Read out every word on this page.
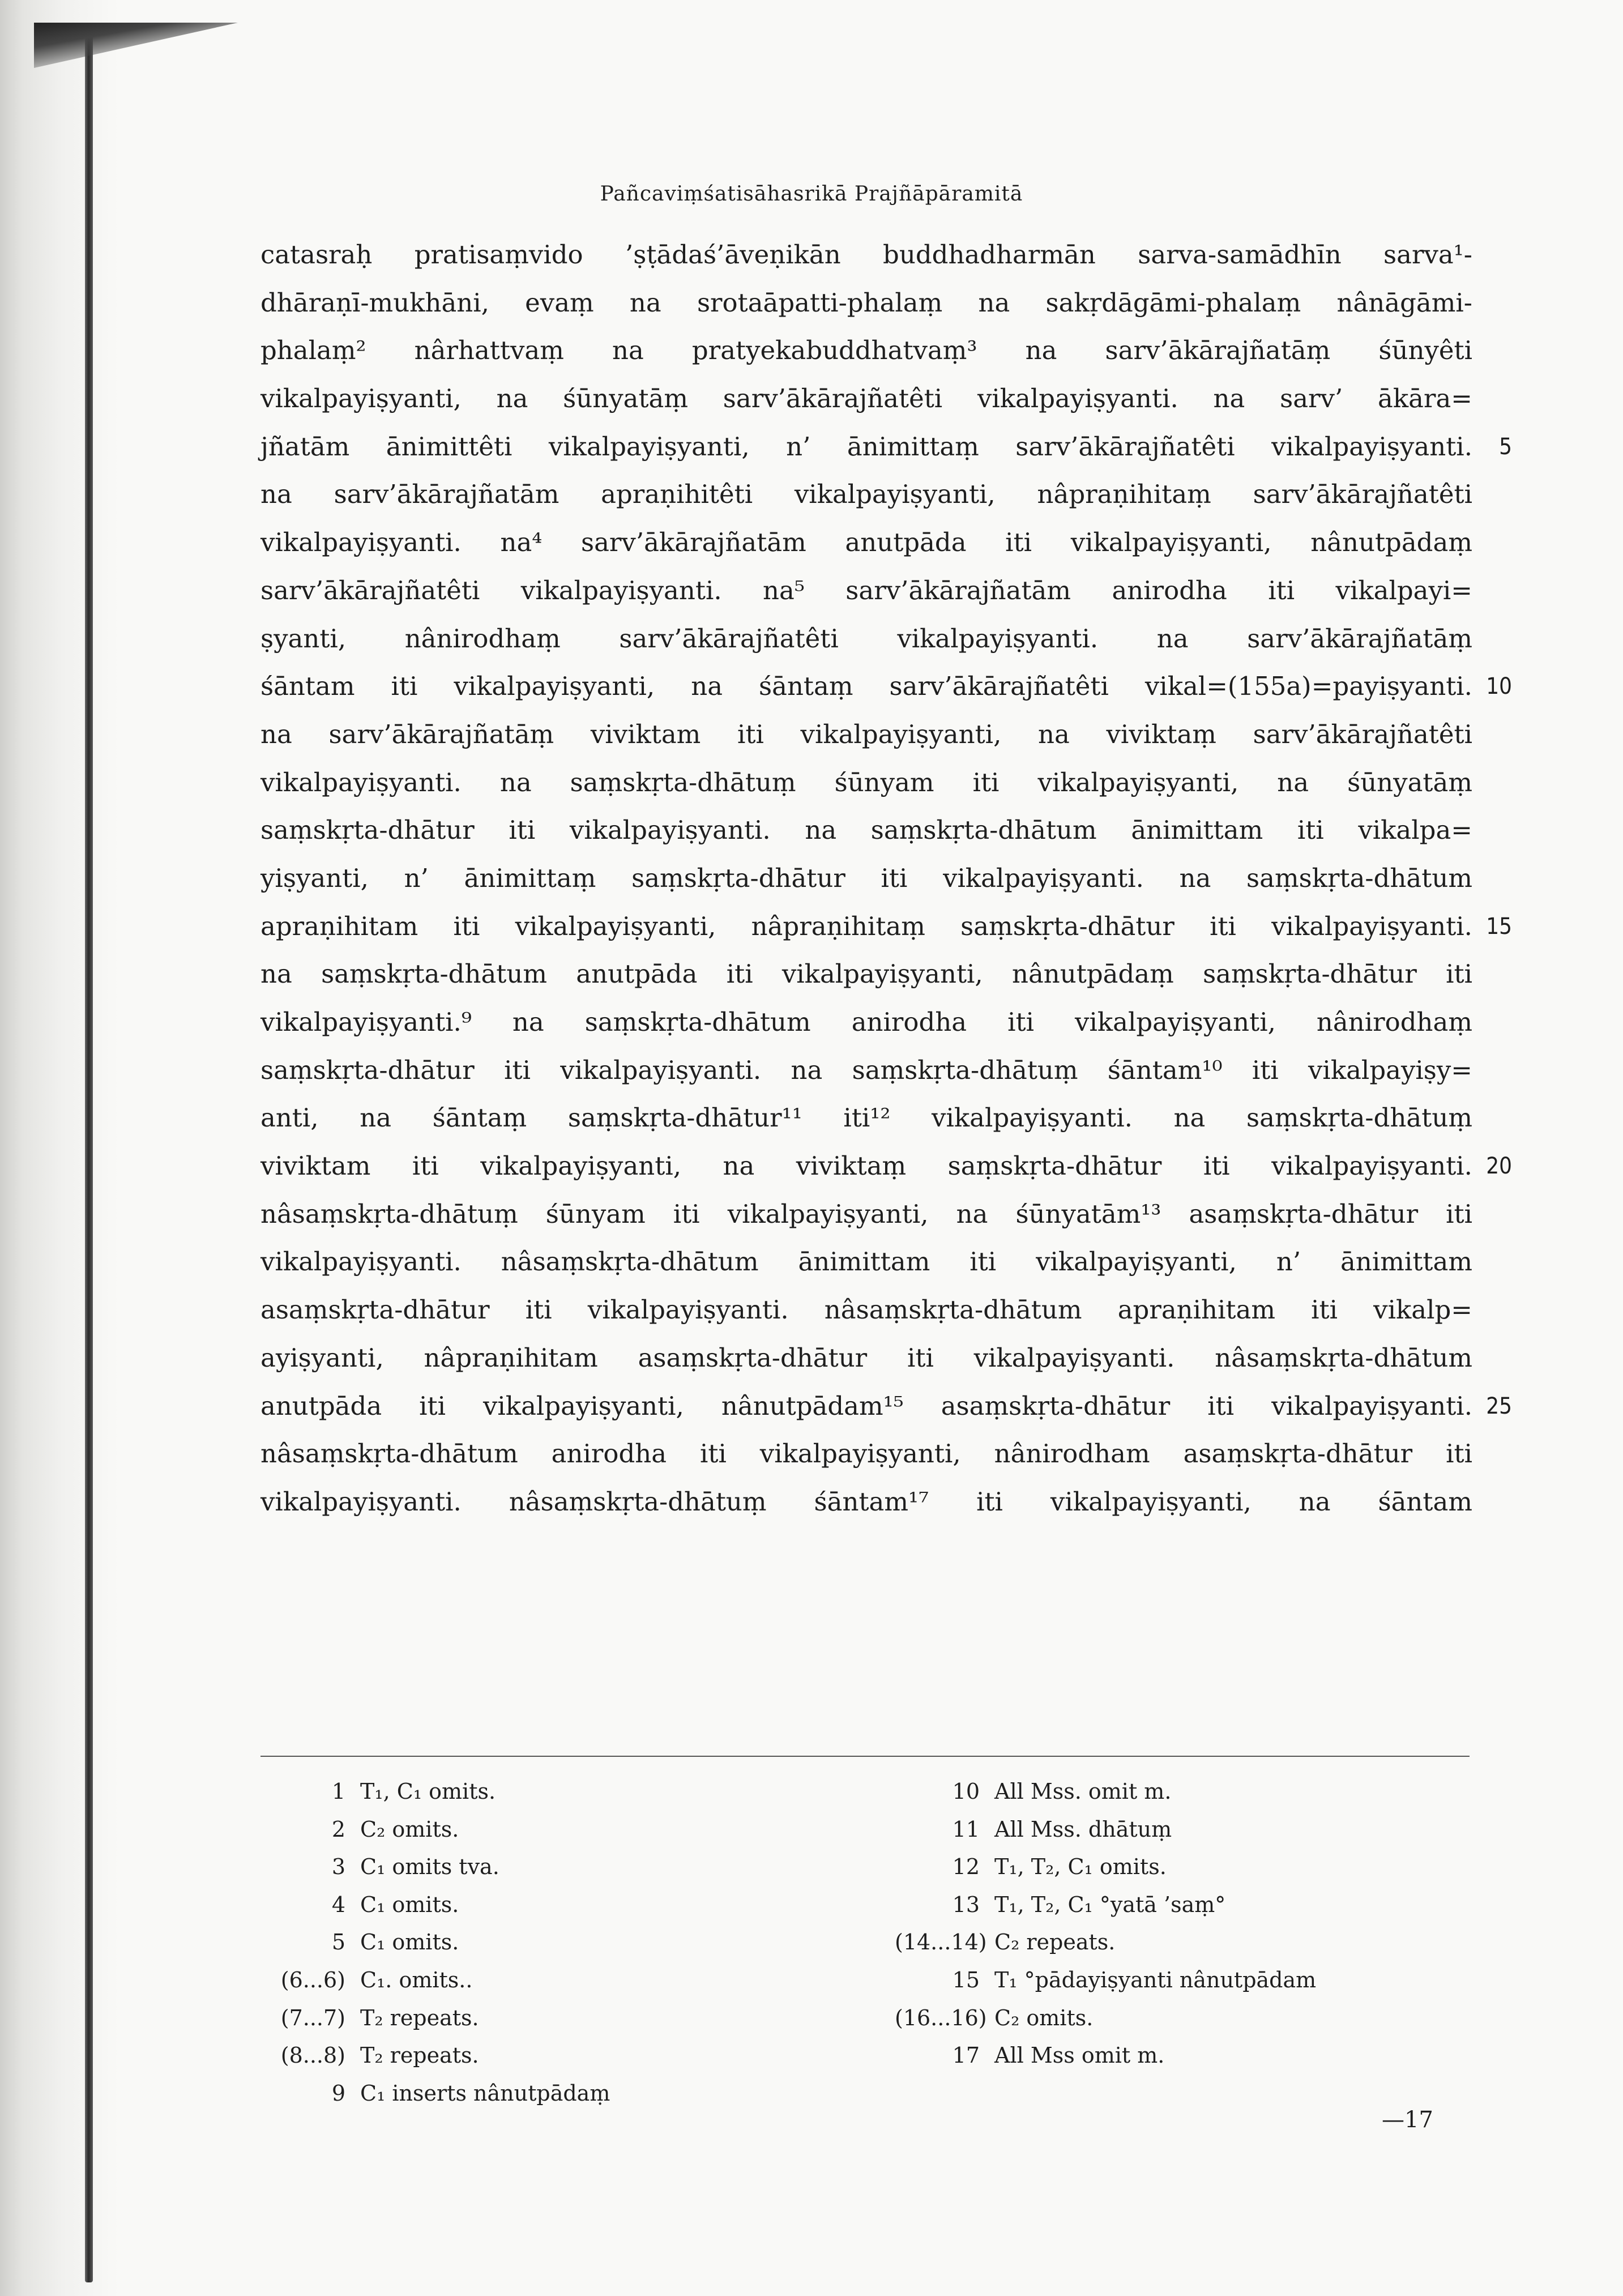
Pañcaviṃśatisāhasrikā Prajñāpāramitā
catasraḥ pratisaṃvido ’ṣṭādaś’āveṇikān buddhadharmān sarva-samādhīn sarva¹-
dhāraṇī-mukhāni, evaṃ na srotaāpatti-phalaṃ na sakṛdāgāmi-phalaṃ nânāgāmi-
phalaṃ² nârhattvaṃ na pratyekabuddhatvaṃ³ na sarv’ākārajñatāṃ śūnyêti
vikalpayiṣyanti, na śūnyatāṃ sarv’ākārajñatêti vikalpayiṣyanti. na sarv’ ākāra=
jñatām ānimittêti vikalpayiṣyanti, n’ ānimittaṃ sarv’ākārajñatêti vikalpayiṣyanti. 5
na sarv’ākārajñatām apraṇihitêti vikalpayiṣyanti, nâpraṇihitaṃ sarv’ākārajñatêti
vikalpayiṣyanti. na⁴ sarv’ākārajñatām anutpāda iti vikalpayiṣyanti, nânutpādaṃ
sarv’ākārajñatêti vikalpayiṣyanti. na⁵ sarv’ākārajñatām anirodha iti vikalpayi=
ṣyanti, nânirodhaṃ sarv’ākārajñatêti vikalpayiṣyanti. na sarv’ākārajñatāṃ
śāntam iti vikalpayiṣyanti, na śāntaṃ sarv’ākārajñatêti vikal=(155a)=payiṣyanti. 10
na sarv’ākārajñatāṃ viviktam iti vikalpayiṣyanti, na viviktaṃ sarv’ākārajñatêti
vikalpayiṣyanti. na saṃskṛta-dhātuṃ śūnyam iti vikalpayiṣyanti, na śūnyatāṃ
saṃskṛta-dhātur iti vikalpayiṣyanti. na saṃskṛta-dhātum ānimittam iti vikalpa=
yiṣyanti, n’ ānimittaṃ saṃskṛta-dhātur iti vikalpayiṣyanti. na saṃskṛta-dhātum
apraṇihitam iti vikalpayiṣyanti, nâpraṇihitaṃ saṃskṛta-dhātur iti vikalpayiṣyanti. 15
na saṃskṛta-dhātum anutpāda iti vikalpayiṣyanti, nânutpādaṃ saṃskṛta-dhātur iti
vikalpayiṣyanti.⁹ na saṃskṛta-dhātum anirodha iti vikalpayiṣyanti, nânirodhaṃ
saṃskṛta-dhātur iti vikalpayiṣyanti. na saṃskṛta-dhātuṃ śāntam¹⁰ iti vikalpayiṣy=
anti, na śāntaṃ saṃskṛta-dhātur¹¹ iti¹² vikalpayiṣyanti. na saṃskṛta-dhātuṃ
viviktam iti vikalpayiṣyanti, na viviktaṃ saṃskṛta-dhātur iti vikalpayiṣyanti. 20
nâsaṃskṛta-dhātuṃ śūnyam iti vikalpayiṣyanti, na śūnyatām¹³ asaṃskṛta-dhātur iti
vikalpayiṣyanti. nâsaṃskṛta-dhātum ānimittam iti vikalpayiṣyanti, n’ ānimittam
asaṃskṛta-dhātur iti vikalpayiṣyanti. nâsaṃskṛta-dhātum apraṇihitam iti vikalp=
ayiṣyanti, nâpraṇihitam asaṃskṛta-dhātur iti vikalpayiṣyanti. nâsaṃskṛta-dhātum
anutpāda iti vikalpayiṣyanti, nânutpādam¹⁵ asaṃskṛta-dhātur iti vikalpayiṣyanti. 25
nâsaṃskṛta-dhātum anirodha iti vikalpayiṣyanti, nânirodham asaṃskṛta-dhātur iti
vikalpayiṣyanti. nâsaṃskṛta-dhātuṃ śāntam¹⁷ iti vikalpayiṣyanti, na śāntam
1 T₁, C₁ omits.
2 C₂ omits.
3 C₁ omits tva.
4 C₁ omits.
5 C₁ omits.
(6...6) C₁. omits..
(7...7) T₂ repeats.
(8...8) T₂ repeats.
9 C₁ inserts nânutpādaṃ
10 All Mss. omit m.
11 All Mss. dhātuṃ
12 T₁, T₂, C₁ omits.
13 T₁, T₂, C₁ °yatā ’saṃ°
(14...14) C₂ repeats.
15 T₁ °pādayiṣyanti nânutpādam
(16...16) C₂ omits.
17 All Mss omit m.
—17
